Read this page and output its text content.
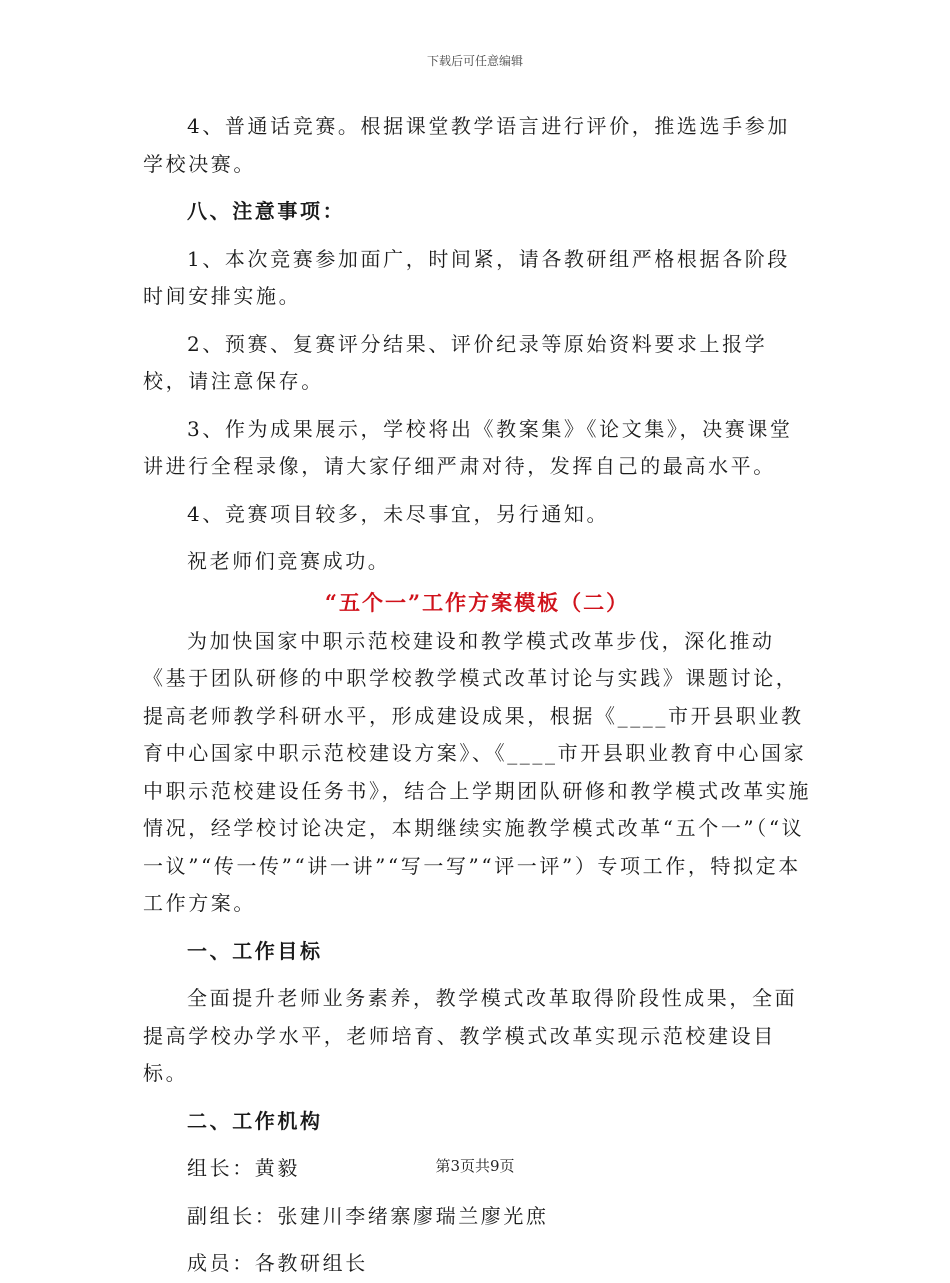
下载后可任意编辑

4、普通话竞赛。根据课堂教学语言进行评价，推选选手参加学校决赛。

八、注意事项：

1、本次竞赛参加面广，时间紧，请各教研组严格根据各阶段时间安排实施。

2、预赛、复赛评分结果、评价纪录等原始资料要求上报学校，请注意保存。

3、作为成果展示，学校将出《教案集》《论文集》，决赛课堂讲进行全程录像，请大家仔细严肃对待，发挥自己的最高水平。

4、竞赛项目较多，未尽事宜，另行通知。

祝老师们竞赛成功。

“五个一”工作方案模板（二）

为加快国家中职示范校建设和教学模式改革步伐，深化推动《基于团队研修的中职学校教学模式改革讨论与实践》课题讨论，提高老师教学科研水平，形成建设成果，根据《____市开县职业教育中心国家中职示范校建设方案》、《____市开县职业教育中心国家中职示范校建设任务书》，结合上学期团队研修和教学模式改革实施情况，经学校讨论决定，本期继续实施教学模式改革“五个一”（“议一议”“传一传”“讲一讲”“写一写”“评一评”）专项工作，特拟定本工作方案。

一、工作目标

全面提升老师业务素养，教学模式改革取得阶段性成果，全面提高学校办学水平，老师培育、教学模式改革实现示范校建设目标。

二、工作机构

组长：黄毅

副组长：张建川李绪寨廖瑞兰廖光庶

成员：各教研组长

第3页共9页
